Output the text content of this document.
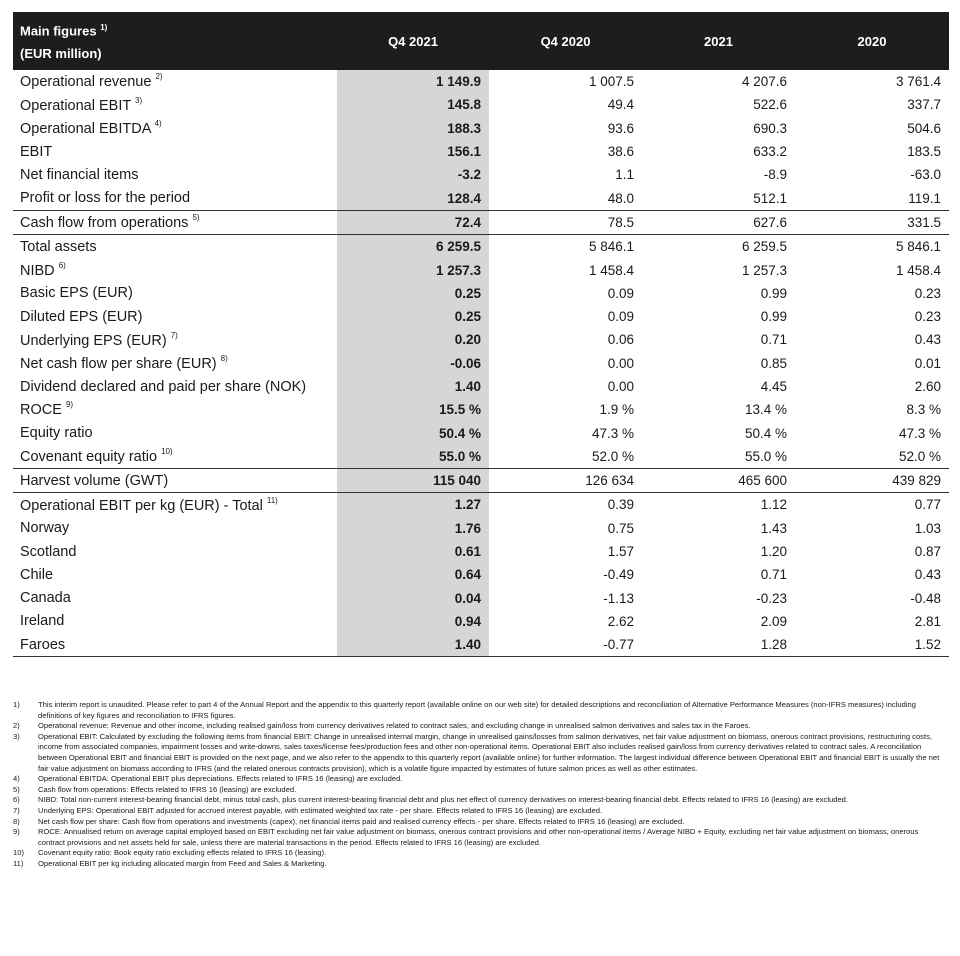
Main figures $^{1)}$
(EUR million)	Q4 2021	Q4 2020	2021	2020
Operational revenue $^{2)}$	1 149.9	1 007.5	4 207.6	3 761.4
Operational EBIT $^{3)}$	145.8	49.4	522.6	337.7
Operational EBITDA $^{4)}$	188.3	93.6	690.3	504.6
EBIT	156.1	38.6	633.2	183.5
Net financial items	-3.2	1.1	-8.9	-63.0
Profit or loss for the period	128.4	48.0	512.1	119.1
Cash flow from operations $^{5)}$	72.4	78.5	627.6	331.5
Total assets	6 259.5	5 846.1	6 259.5	5 846.1
NIBD $^{6)}$	1 257.3	1 458.4	1 257.3	1 458.4
Basic EPS (EUR)	0.25	0.09	0.99	0.23
Diluted EPS (EUR)	0.25	0.09	0.99	0.23
Underlying EPS (EUR) $^{7)}$	0.20	0.06	0.71	0.43
Net cash flow per share (EUR) $^{8)}$	-0.06	0.00	0.85	0.01
Dividend declared and paid per share (NOK)	1.40	0.00	4.45	2.60
ROCE $^{9)}$	15.5 %	1.9 %	13.4 %	8.3 %
Equity ratio	50.4 %	47.3 %	50.4 %	47.3 %
Covenant equity ratio $^{10)}$	55.0 %	52.0 %	55.0 %	52.0 %
Harvest volume (GWT)	115 040	126 634	465 600	439 829
Operational EBIT per kg (EUR) - Total $^{11)}$	1.27	0.39	1.12	0.77
Norway	1.76	0.75	1.43	1.03
Scotland	0.61	1.57	1.20	0.87
Chile	0.64	-0.49	0.71	0.43
Canada	0.04	-1.13	-0.23	-0.48
Ireland	0.94	2.62	2.09	2.81
Faroes	1.40	-0.77	1.28	1.52
1)	This interim report is unaudited. Please refer to part 4 of the Annual Report and the appendix to this quarterly report (available online on our web site) for detailed descriptions and reconciliation of Alternative Performance Measures (non-IFRS measures) including definitions of key figures and reconciliation to IFRS figures.
2)	Operational revenue: Revenue and other income, including realised gain/loss from currency derivatives related to contract sales, and excluding change in unrealised salmon derivatives and sales tax in the Faroes.
3)	Operational EBIT: Calculated by excluding the following items from financial EBIT: Change in unrealised internal margin, change in unrealised gains/losses from salmon derivatives, net fair value adjustment on biomass, onerous contract provisions, restructuring costs, income from associated companies, impairment losses and write-downs, sales taxes/license fees/production fees and other non-operational items. Operational EBIT also includes realised gain/loss from currency derivatives related to contract sales. A reconciliation between Operational EBIT and financial EBIT is provided on the next page, and we also refer to the appendix to this quarterly report (available online) for further information. The largest individual difference between Operational EBIT and financial EBIT is usually the net fair value adjustment on biomass according to IFRS (and the related onerous contracts provision), which is a volatile figure impacted by estimates of future salmon prices as well as other estimates.
4)	Operational EBITDA: Operational EBIT plus depreciations. Effects related to IFRS 16 (leasing) are excluded.
5)	Cash flow from operations: Effects related to IFRS 16 (leasing) are excluded.
6)	NIBD: Total non-current interest-bearing financial debt, minus total cash, plus current interest-bearing financial debt and plus net effect of currency derivatives on interest-bearing financial debt. Effects related to IFRS 16 (leasing) are excluded.
7)	Underlying EPS: Operational EBIT adjusted for accrued interest payable, with estimated weighted tax rate - per share. Effects related to IFRS 16 (leasing) are excluded.
8)	Net cash flow per share: Cash flow from operations and investments (capex), net financial items paid and realised currency effects - per share. Effects related to IFRS 16 (leasing) are excluded.
9)	ROCE: Annualised return on average capital employed based on EBIT excluding net fair value adjustment on biomass, onerous contract provisions and other non-operational items / Average NIBD + Equity, excluding net fair value adjustment on biomass, onerous contract provisions and net assets held for sale, unless there are material transactions in the period. Effects related to IFRS 16 (leasing) are excluded.
10)	Covenant equity ratio: Book equity ratio excluding effects related to IFRS 16 (leasing).
11)	Operational EBIT per kg including allocated margin from Feed and Sales & Marketing.
